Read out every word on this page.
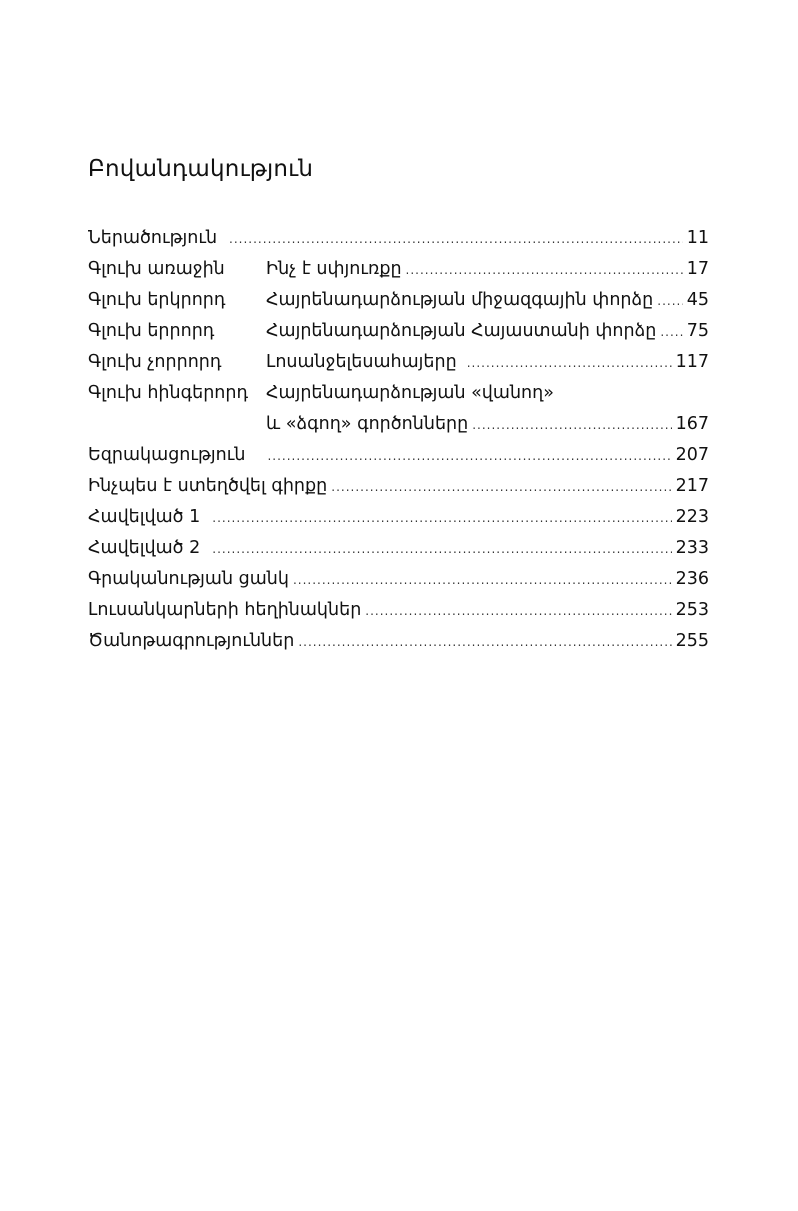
Բովանդակություն
Ներածություն .....	11
Գլուխ առաջին	Ինչ է սփյուռքը .....	17
Գլուխ երկրորդ	Հայրենադարձության միջազգային փորձը ..... 45
Գլուխ երրորդ	Հայրենադարձության Հայաստանի փորձը ..... 75
Գլուխ չորրորդ	Լոսանջելեսահայերը .....	117
Գլուխ հինգերորդ	Հայրենադարձության «վանող»
և «ձգող» գործոնները .....	167
Եզրակացություն .....	207
Ինչպես է ստեղծվել գիրքը .....	217
Հավելված 1 .....	223
Հավելված 2 .....	233
Գրականության ցանկ .....	236
Լուսանկարների հեղինակներ .....	253
Ծանոթագրություններ .....	255
